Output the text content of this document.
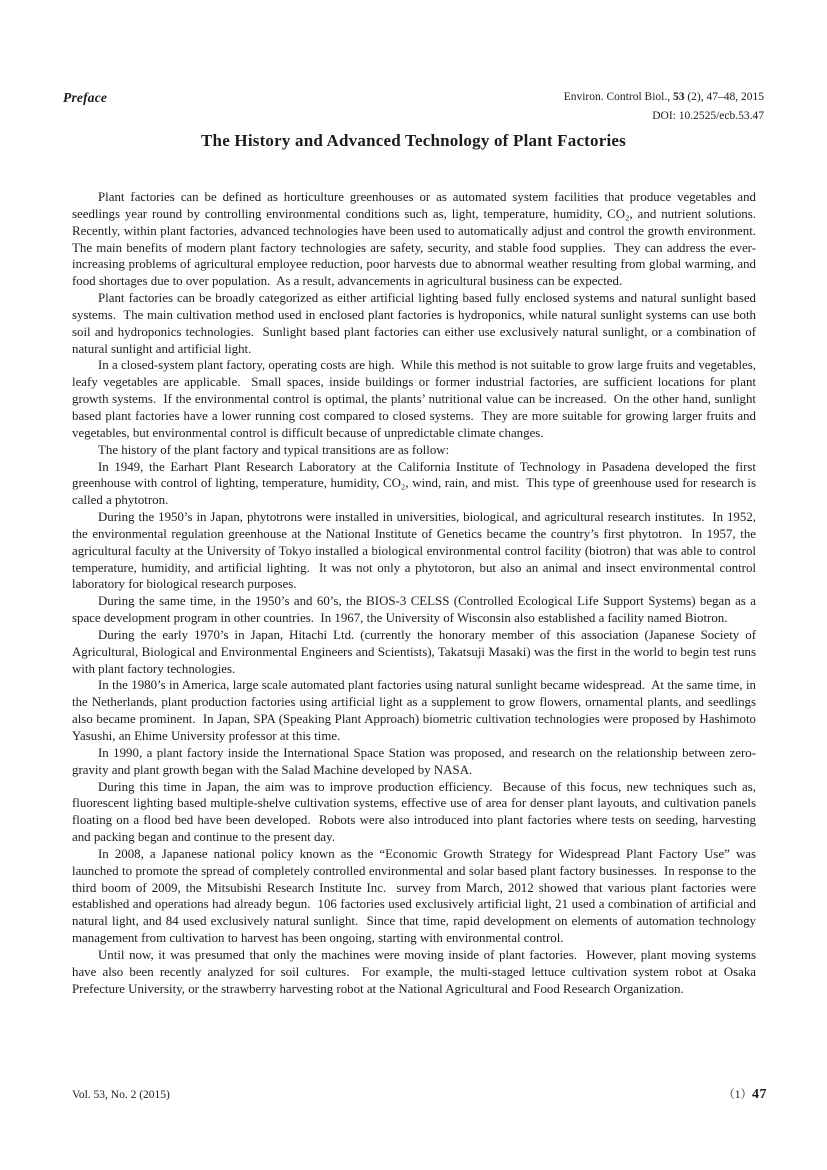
Preface	Environ. Control Biol., 53 (2), 47–48, 2015
DOI: 10.2525/ecb.53.47
The History and Advanced Technology of Plant Factories

Plant factories can be defined as horticulture greenhouses or as automated system facilities that produce vegetables and seedlings year round by controlling environmental conditions such as, light, temperature, humidity, CO₂, and nutrient solutions.  Recently, within plant factories, advanced technologies have been used to automatically adjust and control the growth environment.  The main benefits of modern plant factory technologies are safety, security, and stable food supplies.  They can address the ever-increasing problems of agricultural employee reduction, poor harvests due to abnormal weather resulting from global warming, and food shortages due to over population.  As a result, advancements in agricultural business can be expected.

Plant factories can be broadly categorized as either artificial lighting based fully enclosed systems and natural sunlight based systems.  The main cultivation method used in enclosed plant factories is hydroponics, while natural sunlight systems can use both soil and hydroponics technologies.  Sunlight based plant factories can either use exclusively natural sunlight, or a combination of natural sunlight and artificial light.

In a closed-system plant factory, operating costs are high.  While this method is not suitable to grow large fruits and vegetables, leafy vegetables are applicable.  Small spaces, inside buildings or former industrial factories, are sufficient locations for plant growth systems.  If the environmental control is optimal, the plants’ nutritional value can be increased.  On the other hand, sunlight based plant factories have a lower running cost compared to closed systems.  They are more suitable for growing larger fruits and vegetables, but environmental control is difficult because of unpredictable climate changes.

The history of the plant factory and typical transitions are as follow:

In 1949, the Earhart Plant Research Laboratory at the California Institute of Technology in Pasadena developed the first greenhouse with control of lighting, temperature, humidity, CO₂, wind, rain, and mist.  This type of greenhouse used for research is called a phytotron.

During the 1950’s in Japan, phytotrons were installed in universities, biological, and agricultural research institutes.  In 1952, the environmental regulation greenhouse at the National Institute of Genetics became the country’s first phytotron.  In 1957, the agricultural faculty at the University of Tokyo installed a biological environmental control facility (biotron) that was able to control temperature, humidity, and artificial lighting.  It was not only a phytotoron, but also an animal and insect environmental control laboratory for biological research purposes.

During the same time, in the 1950’s and 60’s, the BIOS-3 CELSS (Controlled Ecological Life Support Systems) began as a space development program in other countries.  In 1967, the University of Wisconsin also established a facility named Biotron.

During the early 1970’s in Japan, Hitachi Ltd. (currently the honorary member of this association (Japanese Society of Agricultural, Biological and Environmental Engineers and Scientists), Takatsuji Masaki) was the first in the world to begin test runs with plant factory technologies.

In the 1980’s in America, large scale automated plant factories using natural sunlight became widespread.  At the same time, in the Netherlands, plant production factories using artificial light as a supplement to grow flowers, ornamental plants, and seedlings also became prominent.  In Japan, SPA (Speaking Plant Approach) biometric cultivation technologies were proposed by Hashimoto Yasushi, an Ehime University professor at this time.

In 1990, a plant factory inside the International Space Station was proposed, and research on the relationship between zero-gravity and plant growth began with the Salad Machine developed by NASA.

During this time in Japan, the aim was to improve production efficiency.  Because of this focus, new techniques such as, fluorescent lighting based multiple-shelve cultivation systems, effective use of area for denser plant layouts, and cultivation panels floating on a flood bed have been developed.  Robots were also introduced into plant factories where tests on seeding, harvesting and packing began and continue to the present day.

In 2008, a Japanese national policy known as the “Economic Growth Strategy for Widespread Plant Factory Use” was launched to promote the spread of completely controlled environmental and solar based plant factory businesses.  In response to the third boom of 2009, the Mitsubishi Research Institute Inc.  survey from March, 2012 showed that various plant factories were established and operations had already begun.  106 factories used exclusively artificial light, 21 used a combination of artificial and natural light, and 84 used exclusively natural sunlight.  Since that time, rapid development on elements of automation technology management from cultivation to harvest has been ongoing, starting with environmental control.

Until now, it was presumed that only the machines were moving inside of plant factories.  However, plant moving systems have also been recently analyzed for soil cultures.  For example, the multi-staged lettuce cultivation system robot at Osaka Prefecture University, or the strawberry harvesting robot at the National Agricultural and Food Research Organization.

Vol. 53, No. 2 (2015)	（1）47
